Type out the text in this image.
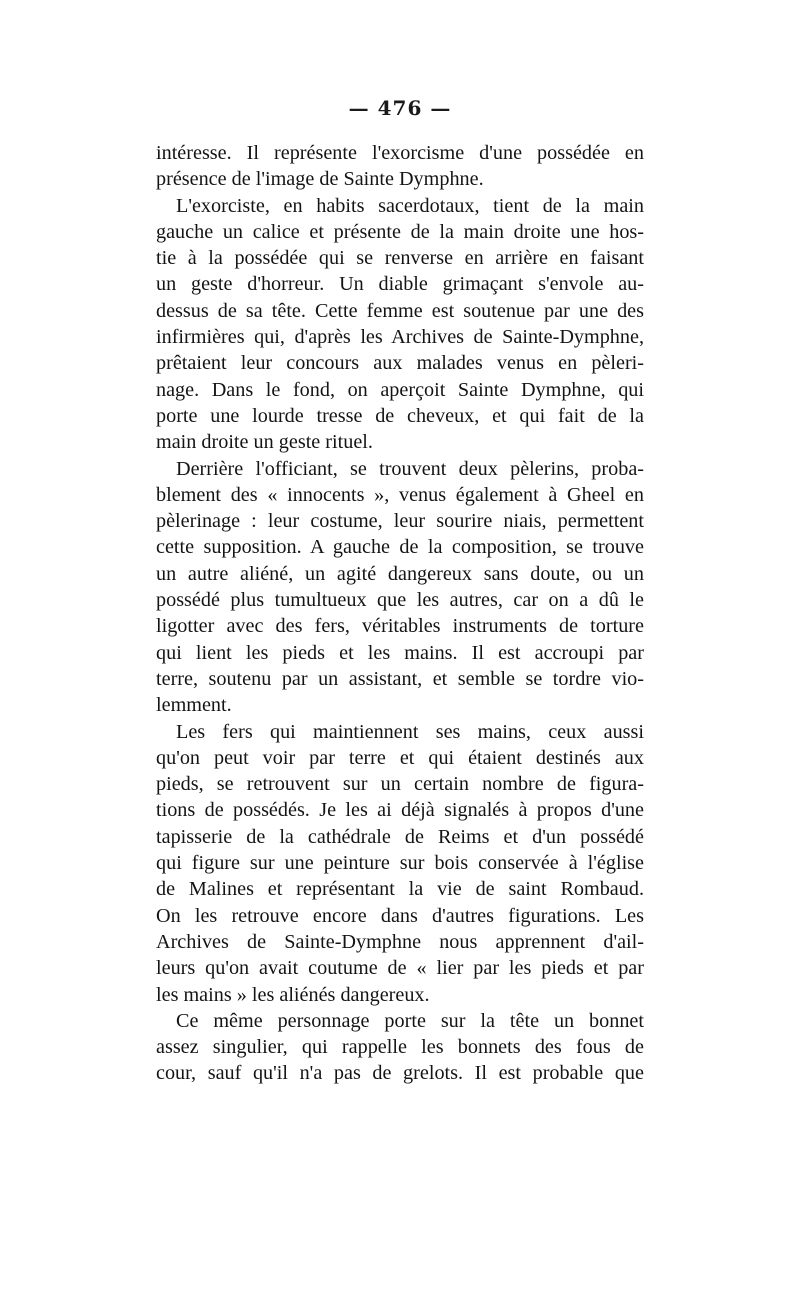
— 476 —
intéresse. Il représente l'exorcisme d'une possédée en
présence de l'image de Sainte Dymphne.
L'exorciste, en habits sacerdotaux, tient de la main
gauche un calice et présente de la main droite une hos-
tie à la possédée qui se renverse en arrière en faisant
un geste d'horreur. Un diable grimaçant s'envole au-
dessus de sa tête. Cette femme est soutenue par une des
infirmières qui, d'après les Archives de Sainte-Dymphne,
prêtaient leur concours aux malades venus en pèleri-
nage. Dans le fond, on aperçoit Sainte Dymphne, qui
porte une lourde tresse de cheveux, et qui fait de la
main droite un geste rituel.
Derrière l'officiant, se trouvent deux pèlerins, proba-
blement des « innocents », venus également à Gheel en
pèlerinage : leur costume, leur sourire niais, permettent
cette supposition. A gauche de la composition, se trouve
un autre aliéné, un agité dangereux sans doute, ou un
possédé plus tumultueux que les autres, car on a dû le
ligotter avec des fers, véritables instruments de torture
qui lient les pieds et les mains. Il est accroupi par
terre, soutenu par un assistant, et semble se tordre vio-
lemment.
Les fers qui maintiennent ses mains, ceux aussi
qu'on peut voir par terre et qui étaient destinés aux
pieds, se retrouvent sur un certain nombre de figura-
tions de possédés. Je les ai déjà signalés à propos d'une
tapisserie de la cathédrale de Reims et d'un possédé
qui figure sur une peinture sur bois conservée à l'église
de Malines et représentant la vie de saint Rombaud.
On les retrouve encore dans d'autres figurations. Les
Archives de Sainte-Dymphne nous apprennent d'ail-
leurs qu'on avait coutume de « lier par les pieds et par
les mains » les aliénés dangereux.
Ce même personnage porte sur la tête un bonnet
assez singulier, qui rappelle les bonnets des fous de
cour, sauf qu'il n'a pas de grelots. Il est probable que
